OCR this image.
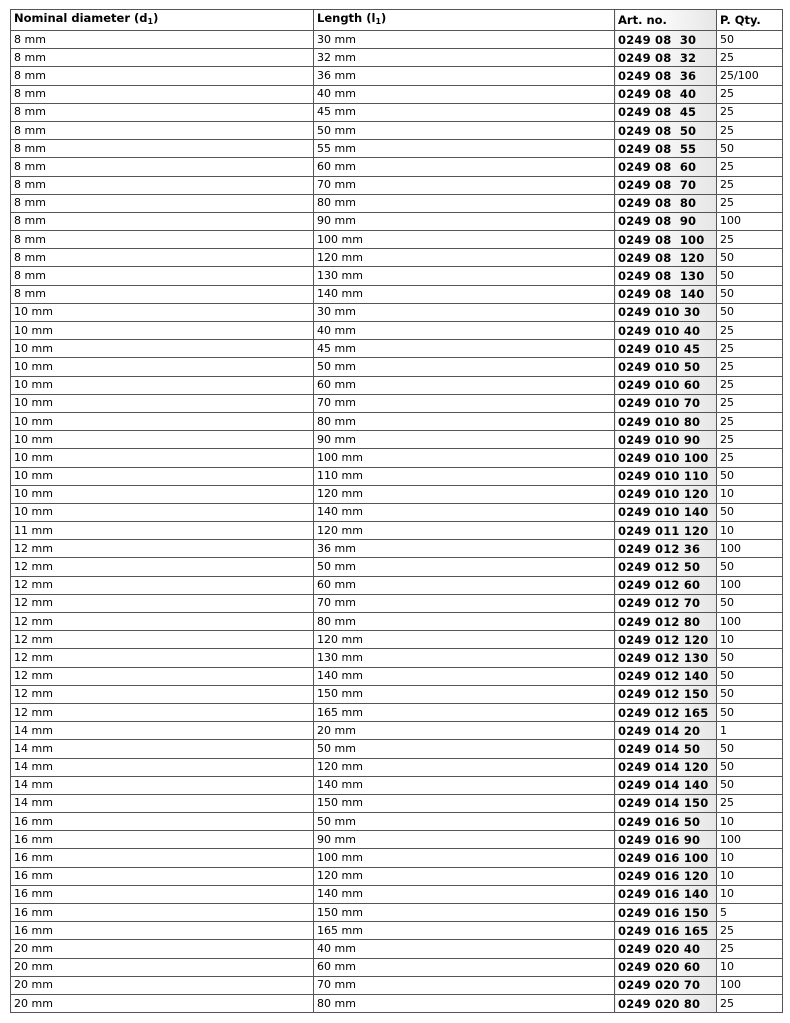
Nominal diameter $(d_1)$	Length $(l_1)$	Art. no.	P. Qty.
8 mm	30 mm	0249 08  30	50
8 mm	32 mm	0249 08  32	25
8 mm	36 mm	0249 08  36	25/100
8 mm	40 mm	0249 08  40	25
8 mm	45 mm	0249 08  45	25
8 mm	50 mm	0249 08  50	25
8 mm	55 mm	0249 08  55	50
8 mm	60 mm	0249 08  60	25
8 mm	70 mm	0249 08  70	25
8 mm	80 mm	0249 08  80	25
8 mm	90 mm	0249 08  90	100
8 mm	100 mm	0249 08  100	25
8 mm	120 mm	0249 08  120	50
8 mm	130 mm	0249 08  130	50
8 mm	140 mm	0249 08  140	50
10 mm	30 mm	0249 010 30	50
10 mm	40 mm	0249 010 40	25
10 mm	45 mm	0249 010 45	25
10 mm	50 mm	0249 010 50	25
10 mm	60 mm	0249 010 60	25
10 mm	70 mm	0249 010 70	25
10 mm	80 mm	0249 010 80	25
10 mm	90 mm	0249 010 90	25
10 mm	100 mm	0249 010 100	25
10 mm	110 mm	0249 010 110	50
10 mm	120 mm	0249 010 120	10
10 mm	140 mm	0249 010 140	50
11 mm	120 mm	0249 011 120	10
12 mm	36 mm	0249 012 36	100
12 mm	50 mm	0249 012 50	50
12 mm	60 mm	0249 012 60	100
12 mm	70 mm	0249 012 70	50
12 mm	80 mm	0249 012 80	100
12 mm	120 mm	0249 012 120	10
12 mm	130 mm	0249 012 130	50
12 mm	140 mm	0249 012 140	50
12 mm	150 mm	0249 012 150	50
12 mm	165 mm	0249 012 165	50
14 mm	20 mm	0249 014 20	1
14 mm	50 mm	0249 014 50	50
14 mm	120 mm	0249 014 120	50
14 mm	140 mm	0249 014 140	50
14 mm	150 mm	0249 014 150	25
16 mm	50 mm	0249 016 50	10
16 mm	90 mm	0249 016 90	100
16 mm	100 mm	0249 016 100	10
16 mm	120 mm	0249 016 120	10
16 mm	140 mm	0249 016 140	10
16 mm	150 mm	0249 016 150	5
16 mm	165 mm	0249 016 165	25
20 mm	40 mm	0249 020 40	25
20 mm	60 mm	0249 020 60	10
20 mm	70 mm	0249 020 70	100
20 mm	80 mm	0249 020 80	25
